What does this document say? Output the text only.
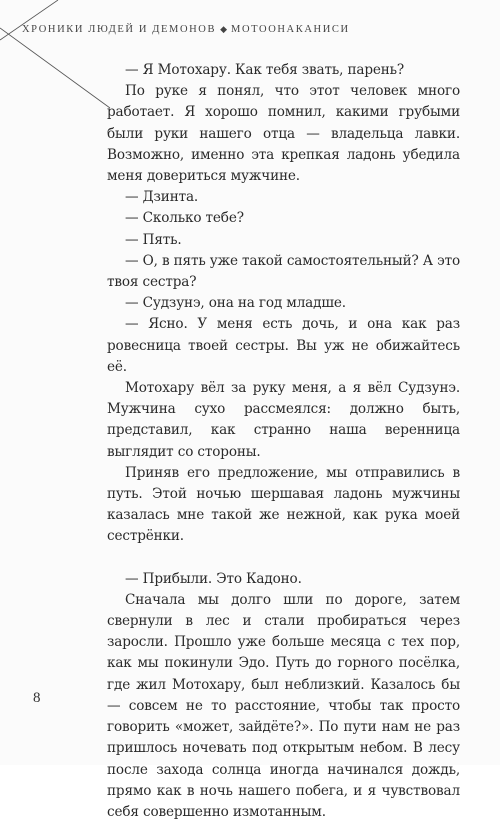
ХРОНИКИ ЛЮДЕЙ И ДЕМОНОВ ◆ МОТООНАКАНИСИ

— Я Мотохару. Как тебя звать, парень?

По руке я понял, что этот человек много работает. Я хорошо помнил, какими грубыми были руки нашего отца — владельца лавки. Возможно, именно эта крепкая ладонь убедила меня довериться мужчине.

— Дзинта.

— Сколько тебе?

— Пять.

— О, в пять уже такой самостоятельный? А это твоя сестра?

— Судзунэ, она на год младше.

— Ясно. У меня есть дочь, и она как раз ровесница твоей сестры. Вы уж не обижайтесь её.

Мотохару вёл за руку меня, а я вёл Судзунэ. Мужчина сухо рассмеялся: должно быть, представил, как странно наша веренница выглядит со стороны.

Приняв его предложение, мы отправились в путь. Этой ночью шершавая ладонь мужчины казалась мне такой же нежной, как рука моей сестрёнки.

— Прибыли. Это Кадоно.

Сначала мы долго шли по дороге, затем свернули в лес и стали пробираться через заросли. Прошло уже больше месяца с тех пор, как мы покинули Эдо. Путь до горного посёлка, где жил Мотохару, был неблизкий. Казалось бы — совсем не то расстояние, чтобы так просто говорить «может, зайдёте?». По пути нам не раз пришлось ночевать под открытым небом. В лесу после захода солнца иногда начинался дождь, прямо как в ночь нашего побега, и я чувствовал себя совершенно измотанным.

8
